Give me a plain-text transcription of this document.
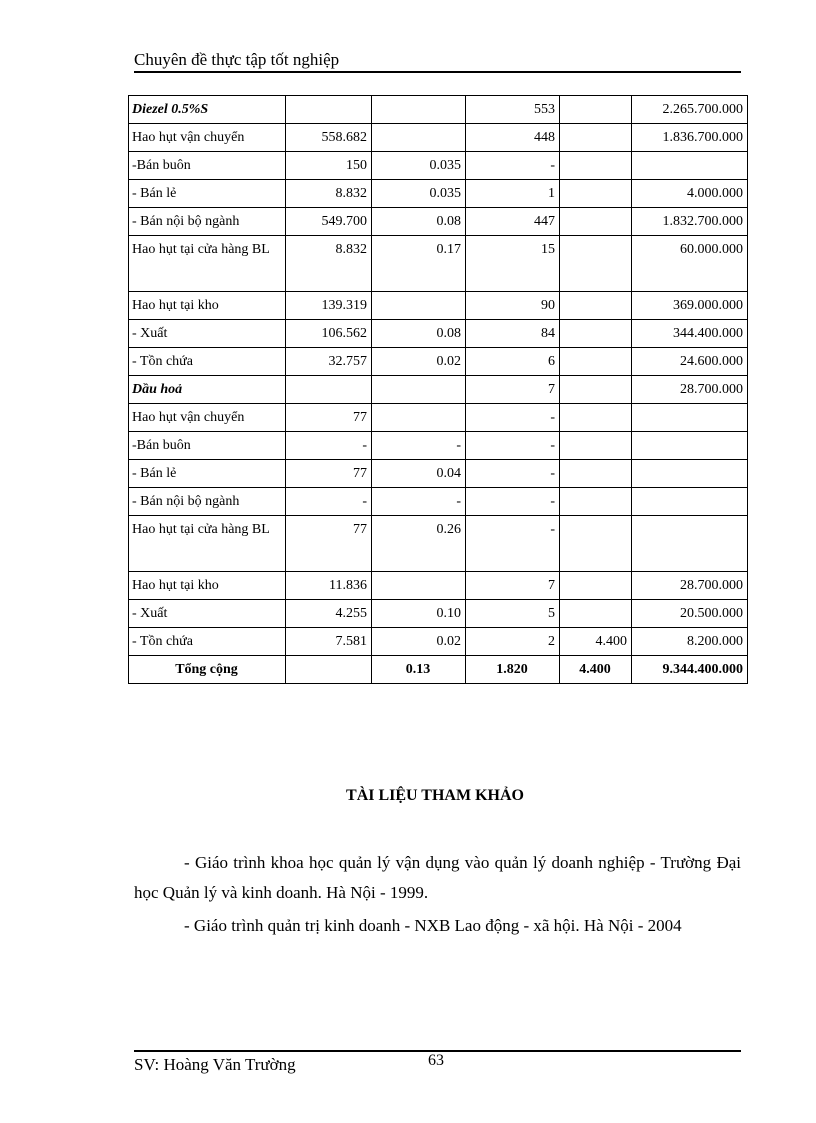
Chuyên đề thực tập tốt nghiệp
Diezel 0.5%S			553		2.265.700.000
Hao hụt vận chuyển	558.682		448		1.836.700.000
-Bán buôn	150	0.035	-		
- Bán lẻ	8.832	0.035	1		4.000.000
- Bán nội bộ ngành	549.700	0.08	447		1.832.700.000
Hao hụt tại cửa hàng BL	8.832	0.17	15		60.000.000
Hao hụt tại kho	139.319		90		369.000.000
- Xuất	106.562	0.08	84		344.400.000
- Tồn chứa	32.757	0.02	6		24.600.000
Dầu hoả			7		28.700.000
Hao hụt vận chuyển	77		-		
-Bán buôn	-	-	-		
- Bán lẻ	77	0.04	-		
- Bán nội bộ ngành	-	-	-		
Hao hụt tại cửa hàng BL	77	0.26	-		
Hao hụt tại kho	11.836		7		28.700.000
- Xuất	4.255	0.10	5		20.500.000
- Tồn chứa	7.581	0.02	2	4.400	8.200.000
Tổng cộng		0.13	1.820	4.400	9.344.400.000
TÀI LIỆU THAM KHẢO
- Giáo trình khoa học quản lý vận dụng vào quản lý doanh nghiệp - Trường Đại học Quản lý và kinh doanh. Hà Nội - 1999.
- Giáo trình quản trị kinh doanh - NXB Lao động - xã hội. Hà Nội - 2004
SV: Hoàng Văn Trường	63
